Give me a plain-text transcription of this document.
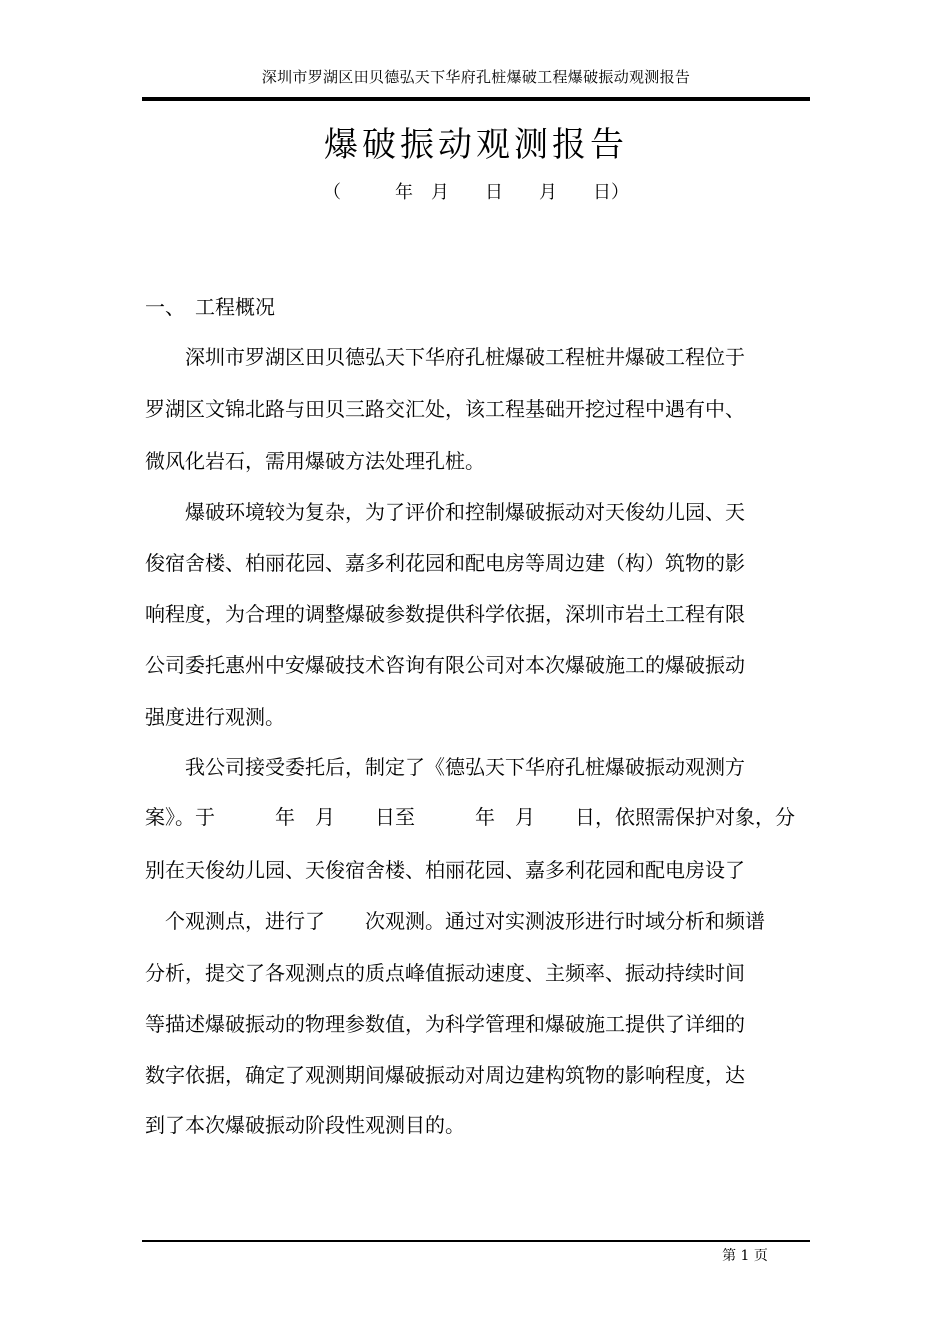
深圳市罗湖区田贝德弘天下华府孔桩爆破工程爆破振动观测报告
爆破振动观测报告
（　　　年　月　　日　　月　　日）
一、　工程概况
　　深圳市罗湖区田贝德弘天下华府孔桩爆破工程桩井爆破工程位于
罗湖区文锦北路与田贝三路交汇处，该工程基础开挖过程中遇有中、
微风化岩石，需用爆破方法处理孔桩。
　　爆破环境较为复杂，为了评价和控制爆破振动对天俊幼儿园、天
俊宿舍楼、柏丽花园、嘉多利花园和配电房等周边建（构）筑物的影
响程度，为合理的调整爆破参数提供科学依据，深圳市岩土工程有限
公司委托惠州中安爆破技术咨询有限公司对本次爆破施工的爆破振动
强度进行观测。
　　我公司接受委托后，制定了《德弘天下华府孔桩爆破振动观测方
案》。于　　　年　月　　日至　　　年　月　　日，依照需保护对象，分
别在天俊幼儿园、天俊宿舍楼、柏丽花园、嘉多利花园和配电房设了
　个观测点，进行了　　次观测。通过对实测波形进行时域分析和频谱
分析，提交了各观测点的质点峰值振动速度、主频率、振动持续时间
等描述爆破振动的物理参数值，为科学管理和爆破施工提供了详细的
数字依据，确定了观测期间爆破振动对周边建构筑物的影响程度，达
到了本次爆破振动阶段性观测目的。
第 1 页
